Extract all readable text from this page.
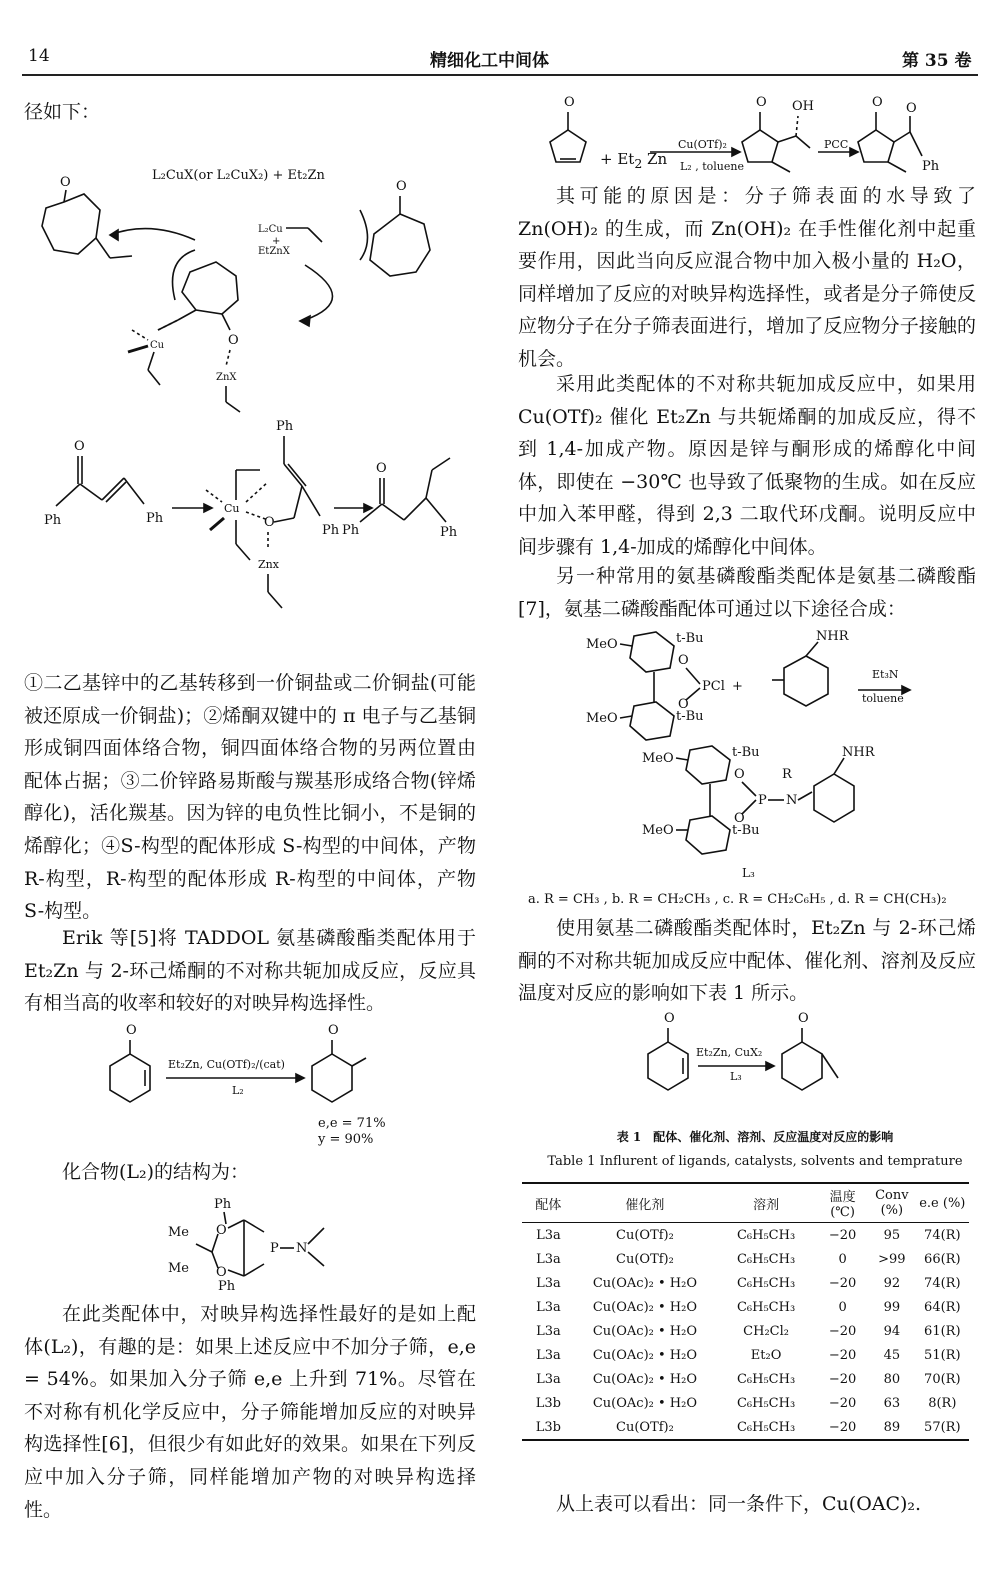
14	精细化工中间体	第 35 卷
径如下：
L₂CuX(or L₂CuX₂) + Et₂Zn
O
L₂Cu
EtZnX
+
O
O
Cu
ZnX
O
Ph	Ph
Cu
Ph
Ph
O
Znx
O
Ph	Ph
①二乙基锌中的乙基转移到一价铜盐或二价铜盐(可能被还原成一价铜盐)；②烯酮双键中的 π 电子与乙基铜形成铜四面体络合物，铜四面体络合物的另两位置由配体占据；③二价锌路易斯酸与羰基形成络合物(锌烯醇化)，活化羰基。因为锌的电负性比铜小，不是铜的烯醇化；④S-构型的配体形成 S-构型的中间体，产物 R-构型，R-构型的配体形成 R-构型的中间体，产物 S-构型。
Erik 等[5]将 TADDOL 氨基磷酸酯类配体用于 Et₂Zn 与 2-环己烯酮的不对称共轭加成反应，反应具有相当高的收率和较好的对映异构选择性。
O	O
Et₂Zn, Cu(OTf)₂/(cat)
L₂
e,e = 71%
y = 90%
化合物(L₂)的结构为：
Ph
Me
Me
O
O
P N
Ph
在此类配体中，对映异构选择性最好的是如上配体(L₂)，有趣的是：如果上述反应中不加分子筛，e,e = 54%。如果加入分子筛 e,e 上升到 71%。尽管在不对称有机化学反应中，分子筛能增加反应的对映异构选择性[6]，但很少有如此好的效果。如果在下列反应中加入分子筛，同样能增加产物的对映异构选择性。
O	O OH	O O
Ph
+ $Et_2$ Zn
Cu(OTf)₂
L₂ , toluene
PCC
其可能的原因是：分子筛表面的水导致了 Zn(OH)₂ 的生成，而 Zn(OH)₂ 在手性催化剂中起重要作用，因此当向反应混合物中加入极小量的 H₂O，同样增加了反应的对映异构选择性，或者是分子筛使反应物分子在分子筛表面进行，增加了反应物分子接触的机会。
采用此类配体的不对称共轭加成反应中，如果用 Cu(OTf)₂ 催化 Et₂Zn 与共轭烯酮的加成反应，得不到 1,4-加成产物。原因是锌与酮形成的烯醇化中间体，即使在 −30℃ 也导致了低聚物的生成。如在反应中加入苯甲醛，得到 2,3 二取代环戊酮。说明反应中间步骤有 1,4-加成的烯醇化中间体。
另一种常用的氨基磷酸酯类配体是氨基二磷酸酯[7]，氨基二磷酸酯配体可通过以下途径合成：
MeO
MeO
t-Bu
t-Bu
O
O
PCl +
NHR
MeO
MeO
t-Bu
t-Bu
O
O
P
R
N
NHR
Et₃N
toluene
L₃
a. R = CH₃ , b. R = CH₂CH₃ , c. R = CH₂C₆H₅ , d. R = CH(CH₃)₂
使用氨基二磷酸酯类配体时，Et₂Zn 与 2-环己烯酮的不对称共轭加成反应中配体、催化剂、溶剂及反应温度对反应的影响如下表 1 所示。
O	O
Et₂Zn, CuX₂
L₃
表 1　配体、催化剂、溶剂、反应温度对反应的影响
Table 1 Influrent of ligands, catalysts, solvents and temprature
配体	催化剂	溶剂	温度 (℃)	Conv (%)	e.e (%)
L3a	Cu(OTf)₂	C₆H₅CH₃	−20	95	74(R)
L3a	Cu(OTf)₂	C₆H₅CH₃	0	>99	66(R)
L3a	Cu(OAc)₂ • H₂O	C₆H₅CH₃	−20	92	74(R)
L3a	Cu(OAc)₂ • H₂O	C₆H₅CH₃	0	99	64(R)
L3a	Cu(OAc)₂ • H₂O	CH₂Cl₂	−20	94	61(R)
L3a	Cu(OAc)₂ • H₂O	Et₂O	−20	45	51(R)
L3a	Cu(OAc)₂ • H₂O	C₆H₅CH₃	−20	80	70(R)
L3b	Cu(OAc)₂ • H₂O	C₆H₅CH₃	−20	63	8(R)
L3b	Cu(OTf)₂	C₆H₅CH₃	−20	89	57(R)
从上表可以看出：同一条件下，Cu(OAC)₂.
